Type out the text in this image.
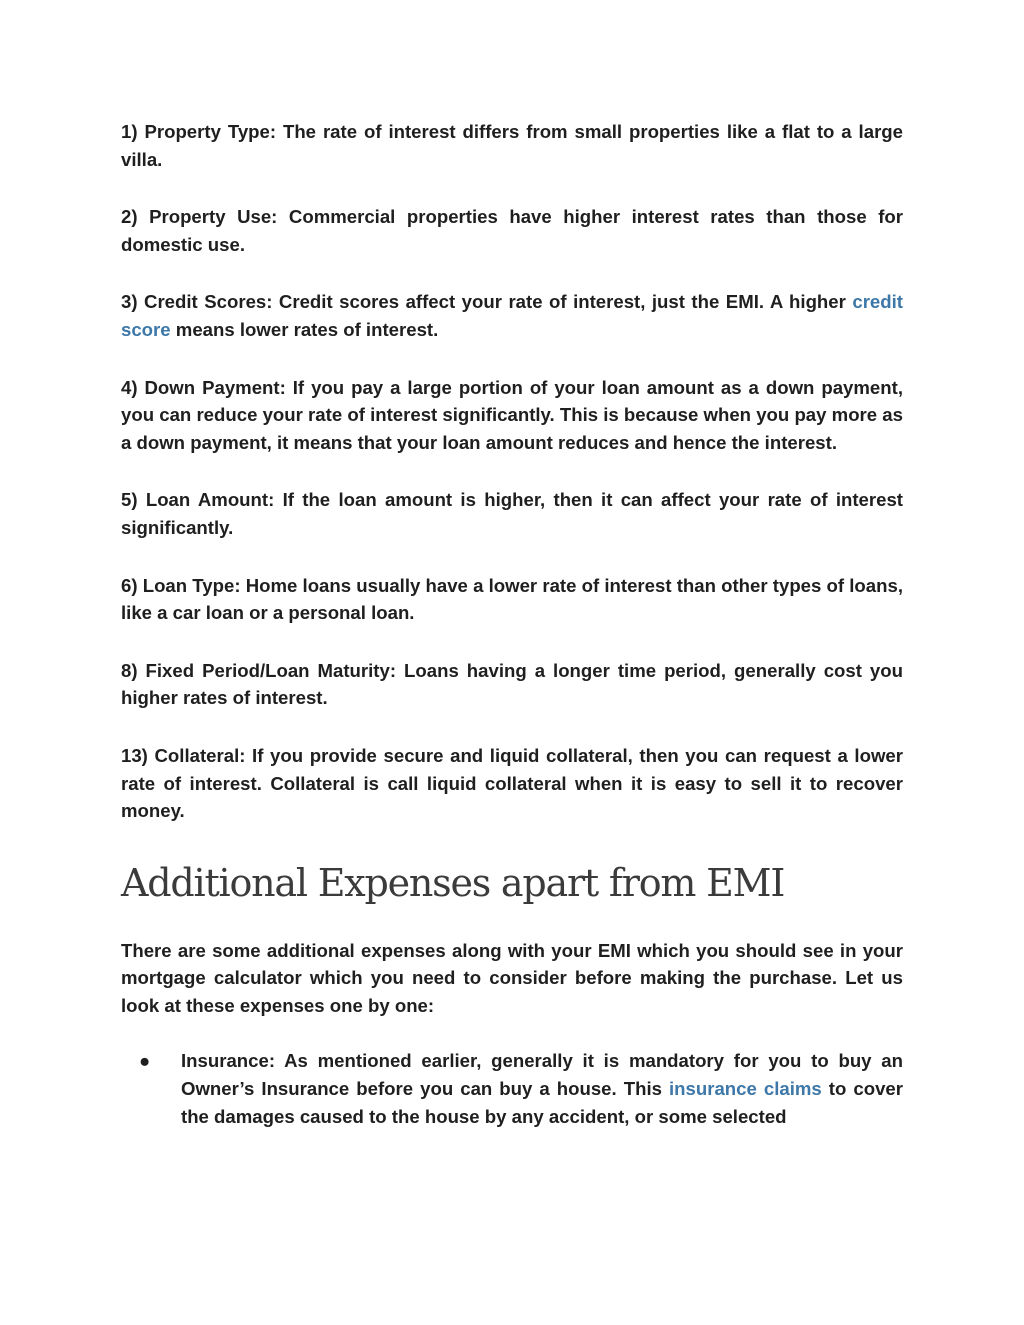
1) Property Type: The rate of interest differs from small properties like a flat to a large villa.

2) Property Use: Commercial properties have higher interest rates than those for domestic use.

3) Credit Scores: Credit scores affect your rate of interest, just the EMI. A higher credit score means lower rates of interest.

4) Down Payment: If you pay a large portion of your loan amount as a down payment, you can reduce your rate of interest significantly. This is because when you pay more as a down payment, it means that your loan amount reduces and hence the interest.

5) Loan Amount: If the loan amount is higher, then it can affect your rate of interest significantly.

6) Loan Type: Home loans usually have a lower rate of interest than other types of loans, like a car loan or a personal loan.

8) Fixed Period/Loan Maturity: Loans having a longer time period, generally cost you higher rates of interest.

13) Collateral: If you provide secure and liquid collateral, then you can request a lower rate of interest. Collateral is call liquid collateral when it is easy to sell it to recover money.

Additional Expenses apart from EMI

There are some additional expenses along with your EMI which you should see in your mortgage calculator which you need to consider before making the purchase. Let us look at these expenses one by one:

● Insurance: As mentioned earlier, generally it is mandatory for you to buy an Owner’s Insurance before you can buy a house. This insurance claims to cover the damages caused to the house by any accident, or some selected
